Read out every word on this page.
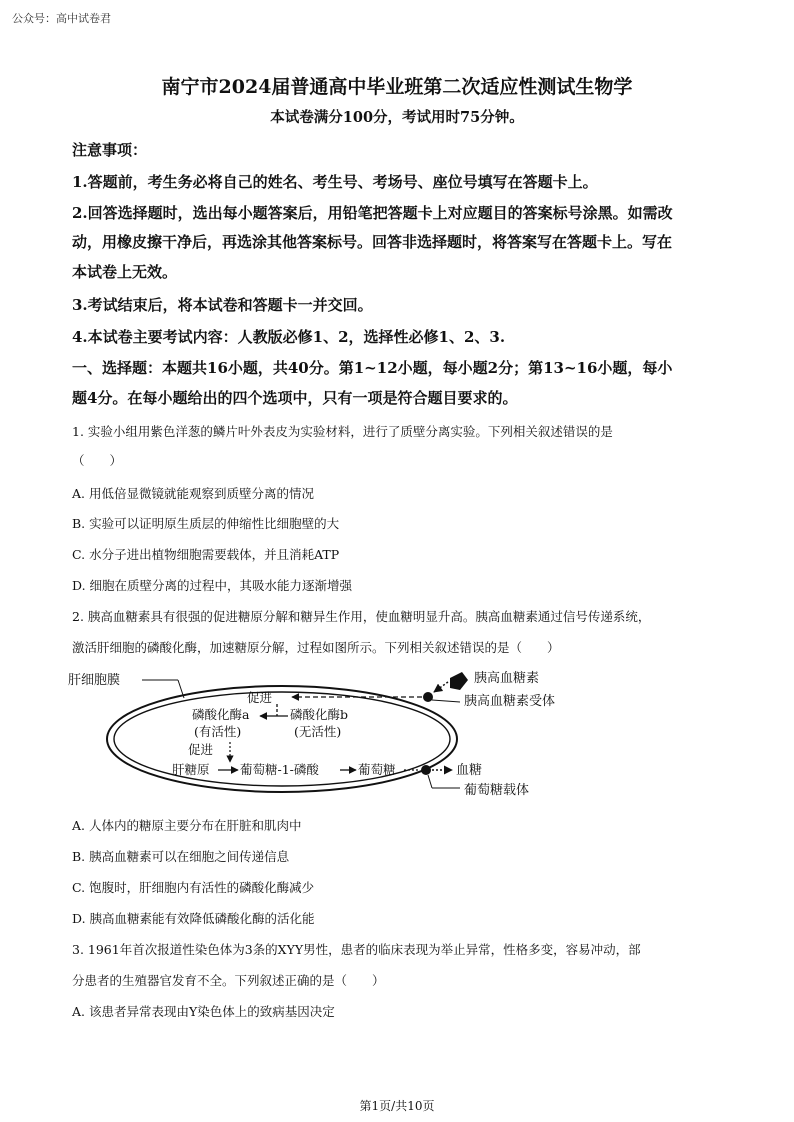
公众号：高中试卷君
南宁市2024届普通高中毕业班第二次适应性测试生物学
本试卷满分100分，考试用时75分钟。
注意事项：
1.答题前，考生务必将自己的姓名、考生号、考场号、座位号填写在答题卡上。
2.回答选择题时，选出每小题答案后，用铅笔把答题卡上对应题目的答案标号涂黑。如需改
动，用橡皮擦干净后，再选涂其他答案标号。回答非选择题时，将答案写在答题卡上。写在
本试卷上无效。
3.考试结束后，将本试卷和答题卡一并交回。
4.本试卷主要考试内容：人教版必修1、2，选择性必修1、2、3.
一、选择题：本题共16小题，共40分。第1~12小题，每小题2分；第13~16小题，每小
题4分。在每小题给出的四个选项中，只有一项是符合题目要求的。
1. 实验小组用紫色洋葱的鳞片叶外表皮为实验材料，进行了质壁分离实验。下列相关叙述错误的是
（　　）
A. 用低倍显微镜就能观察到质壁分离的情况
B. 实验可以证明原生质层的伸缩性比细胞壁的大
C. 水分子进出植物细胞需要载体，并且消耗ATP
D. 细胞在质壁分离的过程中，其吸水能力逐渐增强
2. 胰高血糖素具有很强的促进糖原分解和糖异生作用，使血糖明显升高。胰高血糖素通过信号传递系统，
激活肝细胞的磷酸化酶，加速糖原分解，过程如图所示。下列相关叙述错误的是（　　）
肝细胞膜	胰高血糖素
胰高血糖素受体
促进
磷酸化酶a
(有活性)
磷酸化酶b
(无活性)
促进
肝糖原 葡萄糖-1-磷酸	葡萄糖	血糖
葡萄糖载体
A. 人体内的糖原主要分布在肝脏和肌肉中
B. 胰高血糖素可以在细胞之间传递信息
C. 饱腹时，肝细胞内有活性的磷酸化酶减少
D. 胰高血糖素能有效降低磷酸化酶的活化能
3. 1961年首次报道性染色体为3条的XYY男性，患者的临床表现为举止异常，性格多变，容易冲动，部
分患者的生殖器官发育不全。下列叙述正确的是（　　）
A. 该患者异常表现由Y染色体上的致病基因决定
第1页/共10页
